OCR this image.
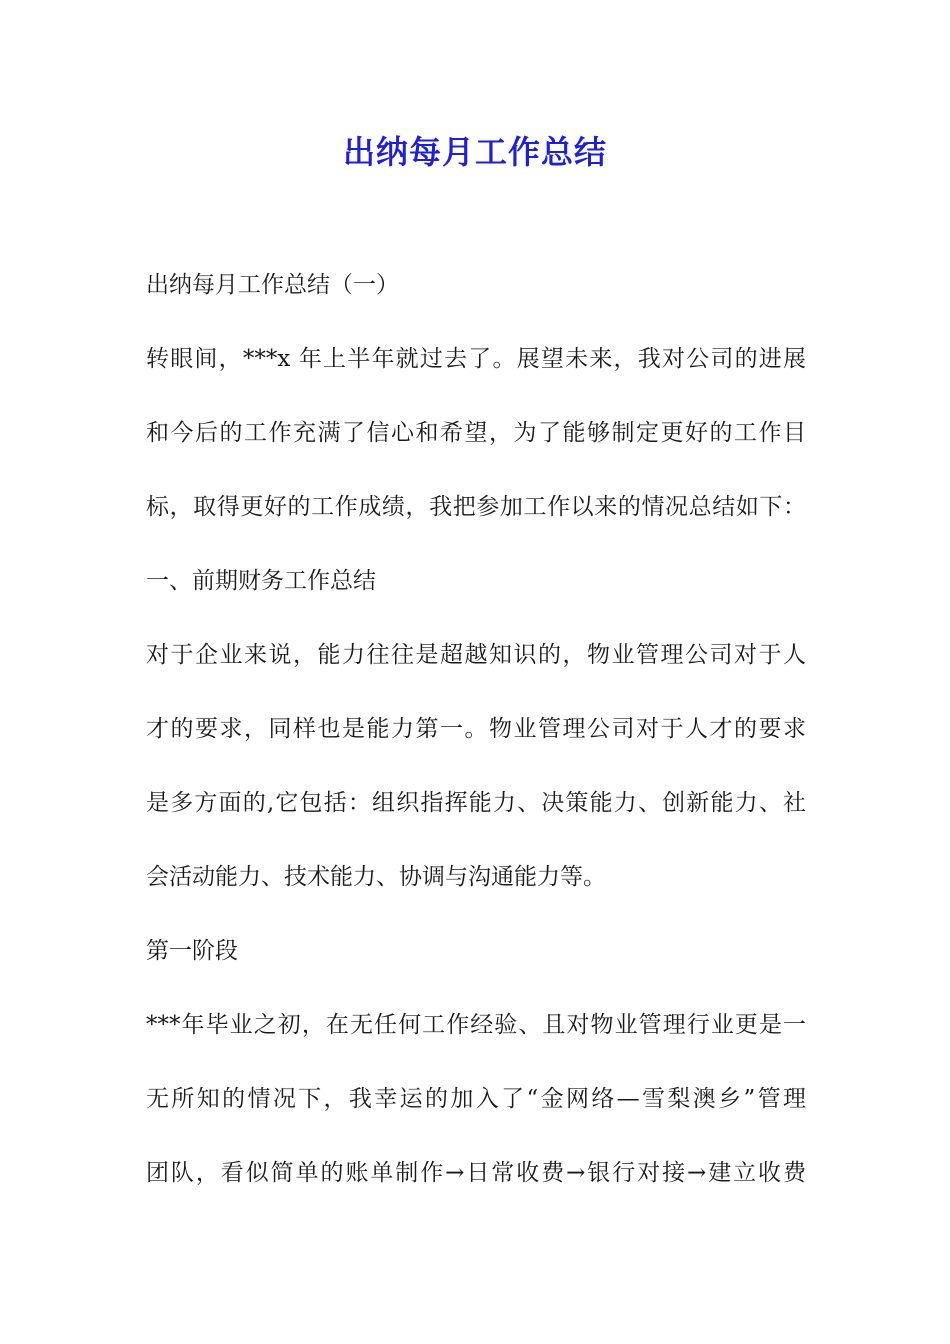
出纳每月工作总结
出纳每月工作总结（一）
转眼间，***x 年上半年就过去了。展望未来，我对公司的进展
和今后的工作充满了信心和希望，为了能够制定更好的工作目
标，取得更好的工作成绩，我把参加工作以来的情况总结如下：
一、前期财务工作总结
对于企业来说，能力往往是超越知识的，物业管理公司对于人
才的要求，同样也是能力第一。物业管理公司对于人才的要求
是多方面的,它包括：组织指挥能力、决策能力、创新能力、社
会活动能力、技术能力、协调与沟通能力等。
第一阶段
***年毕业之初，在无任何工作经验、且对物业管理行业更是一
无所知的情况下，我幸运的加入了“金网络—雪梨澳乡”管理
团队，看似简单的账单制作→日常收费→银行对接→建立收费
